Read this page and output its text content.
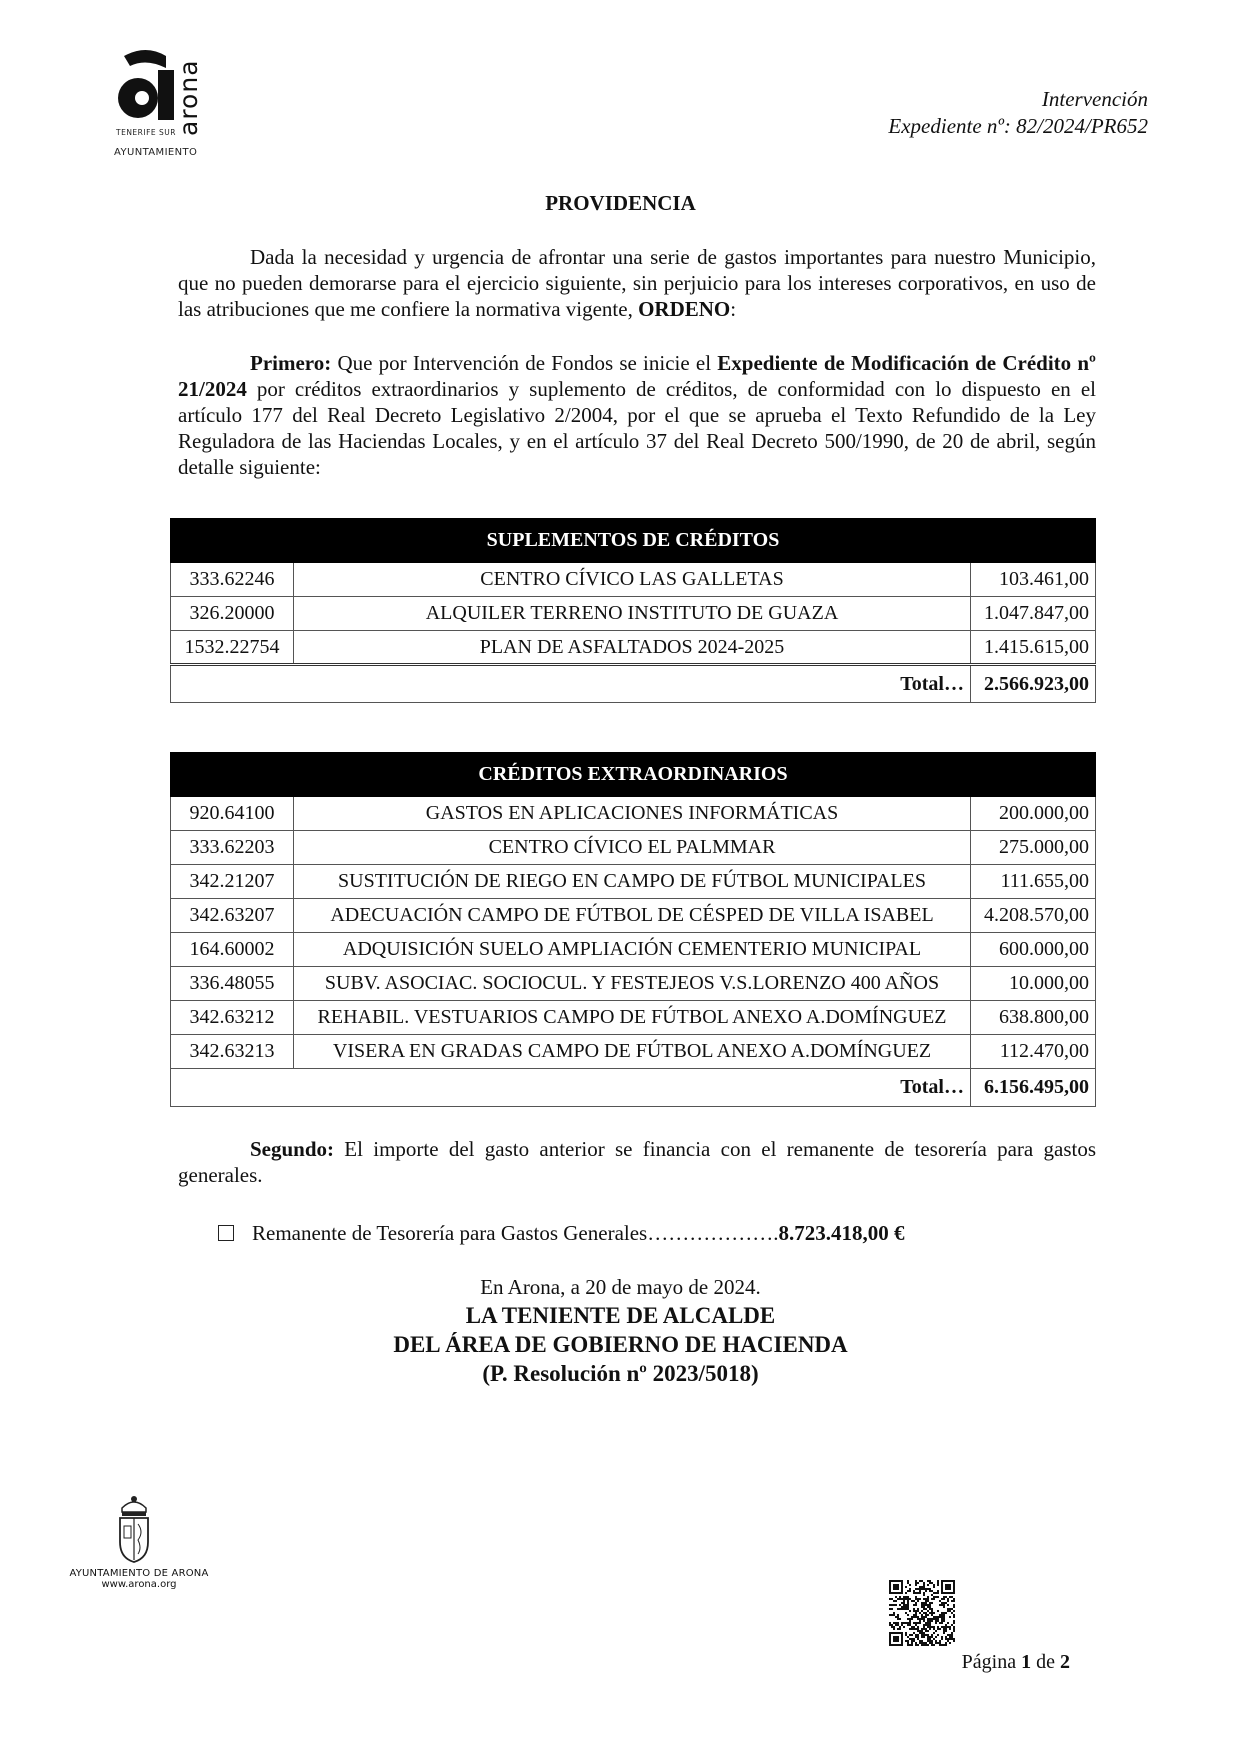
arona
TENERIFE SUR
AYUNTAMIENTO
Intervención
Expediente nº: 82/2024/PR652
PROVIDENCIA
Dada la necesidad y urgencia de afrontar una serie de gastos importantes para nuestro Municipio, que no pueden demorarse para el ejercicio siguiente, sin perjuicio para los intereses corporativos, en uso de las atribuciones que me confiere la normativa vigente, ORDENO:
Primero: Que por Intervención de Fondos se inicie el Expediente de Modificación de Crédito nº 21/2024 por créditos extraordinarios y suplemento de créditos, de conformidad con lo dispuesto en el artículo 177 del Real Decreto Legislativo 2/2004, por el que se aprueba el Texto Refundido de la Ley Reguladora de las Haciendas Locales, y en el artículo 37 del Real Decreto 500/1990, de 20 de abril, según detalle siguiente:
SUPLEMENTOS DE CRÉDITOS		
333.62246	CENTRO CÍVICO LAS GALLETAS	103.461,00
326.20000	ALQUILER TERRENO INSTITUTO DE GUAZA	1.047.847,00
1532.22754	PLAN DE ASFALTADOS 2024-2025	1.415.615,00
Total…		2.566.923,00
CRÉDITOS EXTRAORDINARIOS		
920.64100	GASTOS EN APLICACIONES INFORMÁTICAS	200.000,00
333.62203	CENTRO CÍVICO EL PALMMAR	275.000,00
342.21207	SUSTITUCIÓN DE RIEGO EN CAMPO DE FÚTBOL MUNICIPALES	111.655,00
342.63207	ADECUACIÓN CAMPO DE FÚTBOL DE CÉSPED DE VILLA ISABEL	4.208.570,00
164.60002	ADQUISICIÓN SUELO AMPLIACIÓN CEMENTERIO MUNICIPAL	600.000,00
336.48055	SUBV. ASOCIAC. SOCIOCUL. Y FESTEJEOS V.S.LORENZO 400 AÑOS	10.000,00
342.63212	REHABIL. VESTUARIOS CAMPO DE FÚTBOL ANEXO A.DOMÍNGUEZ	638.800,00
342.63213	VISERA EN GRADAS CAMPO DE FÚTBOL ANEXO A.DOMÍNGUEZ	112.470,00
Total…		6.156.495,00
Segundo: El importe del gasto anterior se financia con el remanente de tesorería para gastos generales.
Remanente de Tesorería para Gastos Generales……………….8.723.418,00 €
En Arona, a 20 de mayo de 2024.
LA TENIENTE DE ALCALDE
DEL ÁREA DE GOBIERNO DE HACIENDA
(P. Resolución nº 2023/5018)
AYUNTAMIENTO DE ARONA
www.arona.org
Página 1 de 2
